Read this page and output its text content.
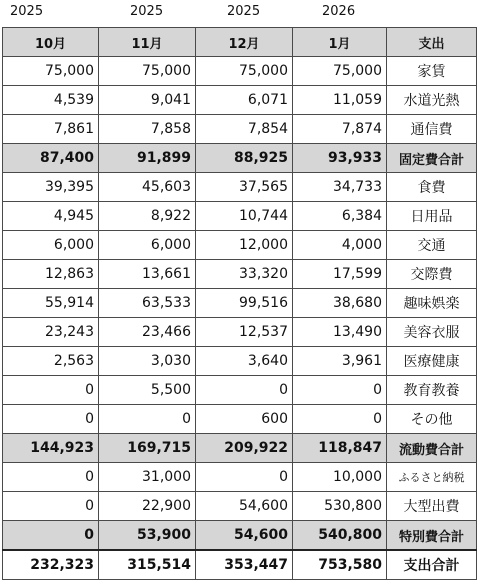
2025	2025	2025	2026
10月	11月	12月	1月	支出
75,000	75,000	75,000	75,000	家賃
4,539	9,041	6,071	11,059	水道光熱
7,861	7,858	7,854	7,874	通信費
87,400	91,899	88,925	93,933	固定費合計
39,395	45,603	37,565	34,733	食費
4,945	8,922	10,744	6,384	日用品
6,000	6,000	12,000	4,000	交通
12,863	13,661	33,320	17,599	交際費
55,914	63,533	99,516	38,680	趣味娯楽
23,243	23,466	12,537	13,490	美容衣服
2,563	3,030	3,640	3,961	医療健康
0	5,500	0	0	教育教養
0	0	600	0	その他
144,923	169,715	209,922	118,847	流動費合計
0	31,000	0	10,000	ふるさと納税
0	22,900	54,600	530,800	大型出費
0	53,900	54,600	540,800	特別費合計
232,323	315,514	353,447	753,580	支出合計
